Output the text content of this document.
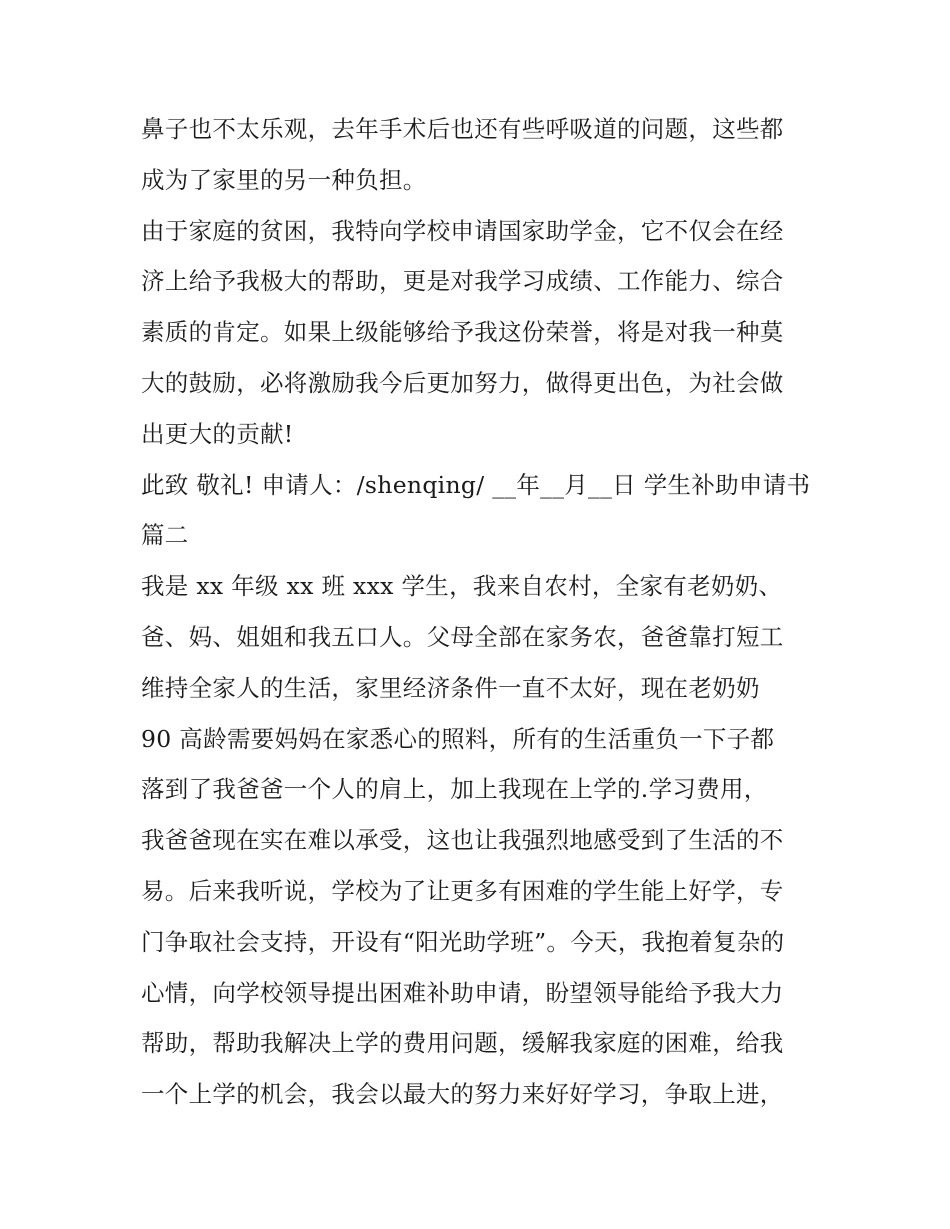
鼻子也不太乐观，去年手术后也还有些呼吸道的问题，这些都
成为了家里的另一种负担。
由于家庭的贫困，我特向学校申请国家助学金，它不仅会在经
济上给予我极大的帮助，更是对我学习成绩、工作能力、综合
素质的肯定。如果上级能够给予我这份荣誉，将是对我一种莫
大的鼓励，必将激励我今后更加努力，做得更出色，为社会做
出更大的贡献!
此致 敬礼! 申请人：/shenqing/ __年__月__日 学生补助申请书
篇二
我是 xx 年级 xx 班 xxx 学生，我来自农村，全家有老奶奶、
爸、妈、姐姐和我五口人。父母全部在家务农，爸爸靠打短工
维持全家人的生活，家里经济条件一直不太好，现在老奶奶
90 高龄需要妈妈在家悉心的照料，所有的生活重负一下子都
落到了我爸爸一个人的肩上，加上我现在上学的.学习费用，
我爸爸现在实在难以承受，这也让我强烈地感受到了生活的不
易。后来我听说，学校为了让更多有困难的学生能上好学，专
门争取社会支持，开设有“阳光助学班”。今天，我抱着复杂的
心情，向学校领导提出困难补助申请，盼望领导能给予我大力
帮助，帮助我解决上学的费用问题，缓解我家庭的困难，给我
一个上学的机会，我会以最大的努力来好好学习，争取上进，
